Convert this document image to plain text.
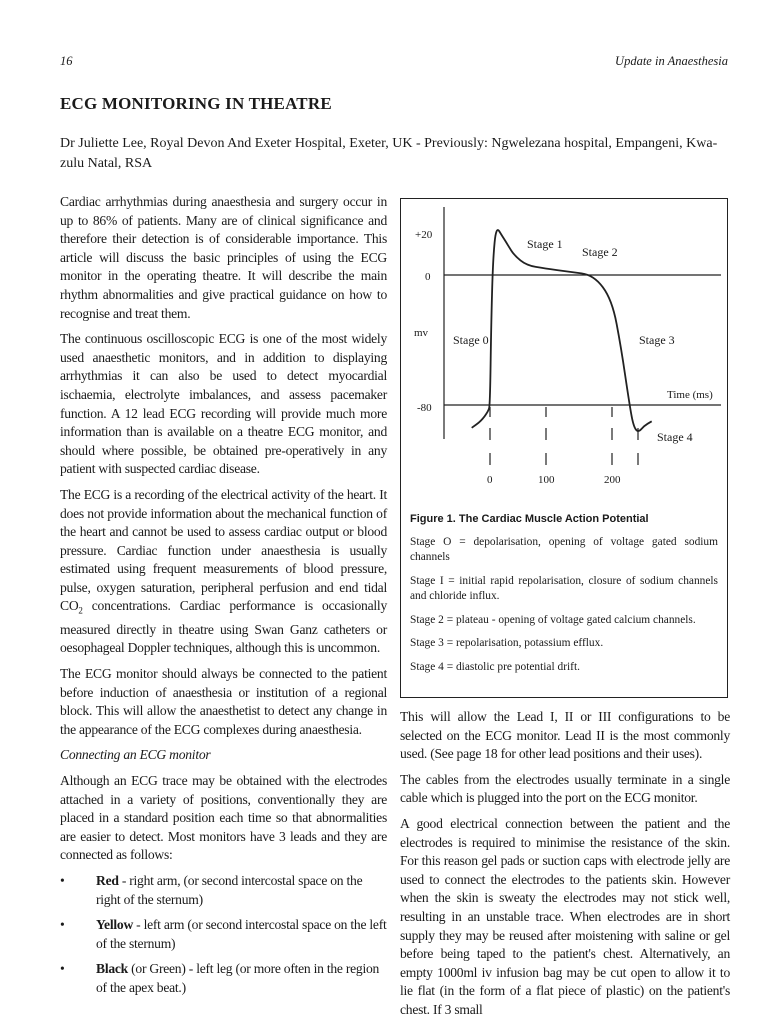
16	Update in Anaesthesia
ECG MONITORING IN THEATRE

Dr Juliette Lee, Royal Devon And Exeter Hospital, Exeter, UK - Previously: Ngwelezana hospital, Empangeni, Kwa-zulu Natal, RSA

Cardiac arrhythmias during anaesthesia and surgery occur in up to 86% of patients. Many are of clinical significance and therefore their detection is of considerable importance. This article will discuss the basic principles of using the ECG monitor in the operating theatre. It will describe the main rhythm abnormalities and give practical guidance on how to recognise and treat them.

The continuous oscilloscopic ECG is one of the most widely used anaesthetic monitors, and in addition to displaying arrhythmias it can also be used to detect myocardial ischaemia, electrolyte imbalances, and assess pacemaker function. A 12 lead ECG recording will provide much more information than is available on a theatre ECG monitor, and should where possible, be obtained pre-operatively in any patient with suspected cardiac disease.

The ECG is a recording of the electrical activity of the heart. It does not provide information about the mechanical function of the heart and cannot be used to assess cardiac output or blood pressure. Cardiac function under anaesthesia is usually estimated using frequent measurements of blood pressure, pulse, oxygen saturation, peripheral perfusion and end tidal $CO_2$ concentrations. Cardiac performance is occasionally measured directly in theatre using Swan Ganz catheters or oesophageal Doppler techniques, although this is uncommon.

The ECG monitor should always be connected to the patient before induction of anaesthesia or institution of a regional block. This will allow the anaesthetist to detect any change in the appearance of the ECG complexes during anaesthesia.

Connecting an ECG monitor

Although an ECG trace may be obtained with the electrodes attached in a variety of positions, conventionally they are placed in a standard position each time so that abnormalities are easier to detect. Most monitors have 3 leads and they are connected as follows:

• Red - right arm, (or second intercostal space on the right of the sternum)
• Yellow - left arm (or second intercostal space on the left of the sternum)
• Black (or Green) - left leg (or more often in the region of the apex beat.)
+20
0
mv
-80
Time (ms)
0	100	200
Stage 1
Stage 2
Stage 0	Stage 3
Stage 4

Figure 1. The Cardiac Muscle Action Potential

Stage O = depolarisation, opening of voltage gated sodium channels

Stage I = initial rapid repolarisation, closure of sodium channels and chloride influx.

Stage 2 = plateau - opening of voltage gated calcium channels.

Stage 3 = repolarisation, potassium efflux.

Stage 4 = diastolic pre potential drift.

This will allow the Lead I, II or III configurations to be selected on the ECG monitor. Lead II is the most commonly used. (See page 18 for other lead positions and their uses).

The cables from the electrodes usually terminate in a single cable which is plugged into the port on the ECG monitor.

A good electrical connection between the patient and the electrodes is required to minimise the resistance of the skin. For this reason gel pads or suction caps with electrode jelly are used to connect the electrodes to the patients skin. However when the skin is sweaty the electrodes may not stick well, resulting in an unstable trace. When electrodes are in short supply they may be reused after moistening with saline or gel before being taped to the patient's chest. Alternatively, an empty 1000ml iv infusion bag may be cut open to allow it to lie flat (in the form of a flat piece of plastic) on the patient's chest. If 3 small
